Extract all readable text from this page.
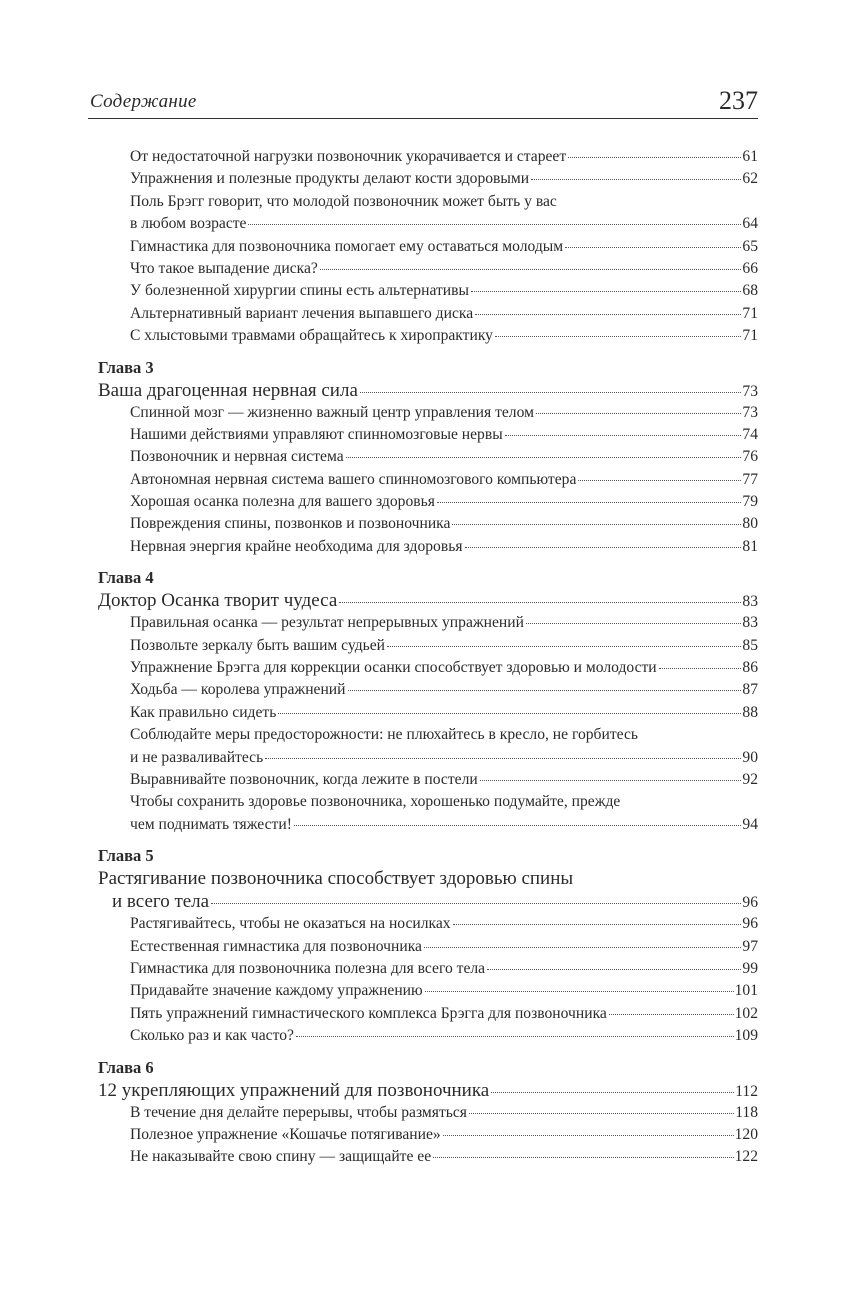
Содержание	237
От недостаточной нагрузки позвоночник укорачивается и стареет	61
Упражнения и полезные продукты делают кости здоровыми	62
Поль Брэгг говорит, что молодой позвоночник может быть у вас
в любом возрасте	64
Гимнастика для позвоночника помогает ему оставаться молодым	65
Что такое выпадение диска?	66
У болезненной хирургии спины есть альтернативы	68
Альтернативный вариант лечения выпавшего диска	71
С хлыстовыми травмами обращайтесь к хиропрактику	71
Глава 3
Ваша драгоценная нервная сила	73
Спинной мозг — жизненно важный центр управления телом	73
Нашими действиями управляют спинномозговые нервы	74
Позвоночник и нервная система	76
Автономная нервная система вашего спинномозгового компьютера	77
Хорошая осанка полезна для вашего здоровья	79
Повреждения спины, позвонков и позвоночника	80
Нервная энергия крайне необходима для здоровья	81
Глава 4
Доктор Осанка творит чудеса	83
Правильная осанка — результат непрерывных упражнений	83
Позвольте зеркалу быть вашим судьей	85
Упражнение Брэгга для коррекции осанки способствует здоровью и молодости	86
Ходьба — королева упражнений	87
Как правильно сидеть	88
Соблюдайте меры предосторожности: не плюхайтесь в кресло, не горбитесь
и не разваливайтесь	90
Выравнивайте позвоночник, когда лежите в постели	92
Чтобы сохранить здоровье позвоночника, хорошенько подумайте, прежде
чем поднимать тяжести!	94
Глава 5
Растягивание позвоночника способствует здоровью спины
и всего тела	96
Растягивайтесь, чтобы не оказаться на носилках	96
Естественная гимнастика для позвоночника	97
Гимнастика для позвоночника полезна для всего тела	99
Придавайте значение каждому упражнению	101
Пять упражнений гимнастического комплекса Брэгга для позвоночника	102
Сколько раз и как часто?	109
Глава 6
12 укрепляющих упражнений для позвоночника	112
В течение дня делайте перерывы, чтобы размяться	118
Полезное упражнение «Кошачье потягивание»	120
Не наказывайте свою спину — защищайте ее	122
